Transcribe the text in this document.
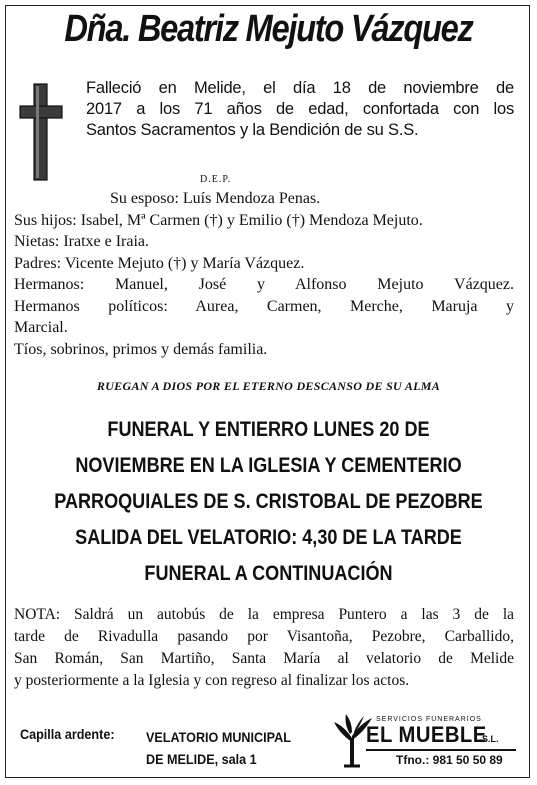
Dña. Beatriz Mejuto Vázquez
Falleció en Melide, el día 18 de noviembre de
2017 a los 71 años de edad, confortada con los
Santos Sacramentos y la Bendición de su S.S.
D.E.P.
Su esposo: Luís Mendoza Penas.
Sus hijos: Isabel, Mª Carmen (†) y Emilio (†) Mendoza Mejuto.
Nietas: Iratxe e Iraia.
Padres: Vicente Mejuto (†) y María Vázquez.
Hermanos: Manuel, José y Alfonso Mejuto Vázquez.
Hermanos políticos: Aurea, Carmen, Merche, Maruja y
Marcial.
Tíos, sobrinos, primos y demás familia.
RUEGAN A DIOS POR EL ETERNO DESCANSO DE SU ALMA
FUNERAL Y ENTIERRO LUNES 20 DE
NOVIEMBRE EN LA IGLESIA Y CEMENTERIO
PARROQUIALES DE S. CRISTOBAL DE PEZOBRE
SALIDA DEL VELATORIO: 4,30 DE LA TARDE
FUNERAL A CONTINUACIÓN
NOTA: Saldrá un autobús de la empresa Puntero a las 3 de la
tarde de Rivadulla pasando por Visantoña, Pezobre, Carballido,
San Román, San Martiño, Santa María al velatorio de Melide
y posteriormente a la Iglesia y con regreso al finalizar los actos.
Capilla ardente: VELATORIO MUNICIPAL
DE MELIDE, sala 1
SERVICIOS FUNERARIOS
EL MUEBLE
S.L.
Tfno.: 981 50 50 89
